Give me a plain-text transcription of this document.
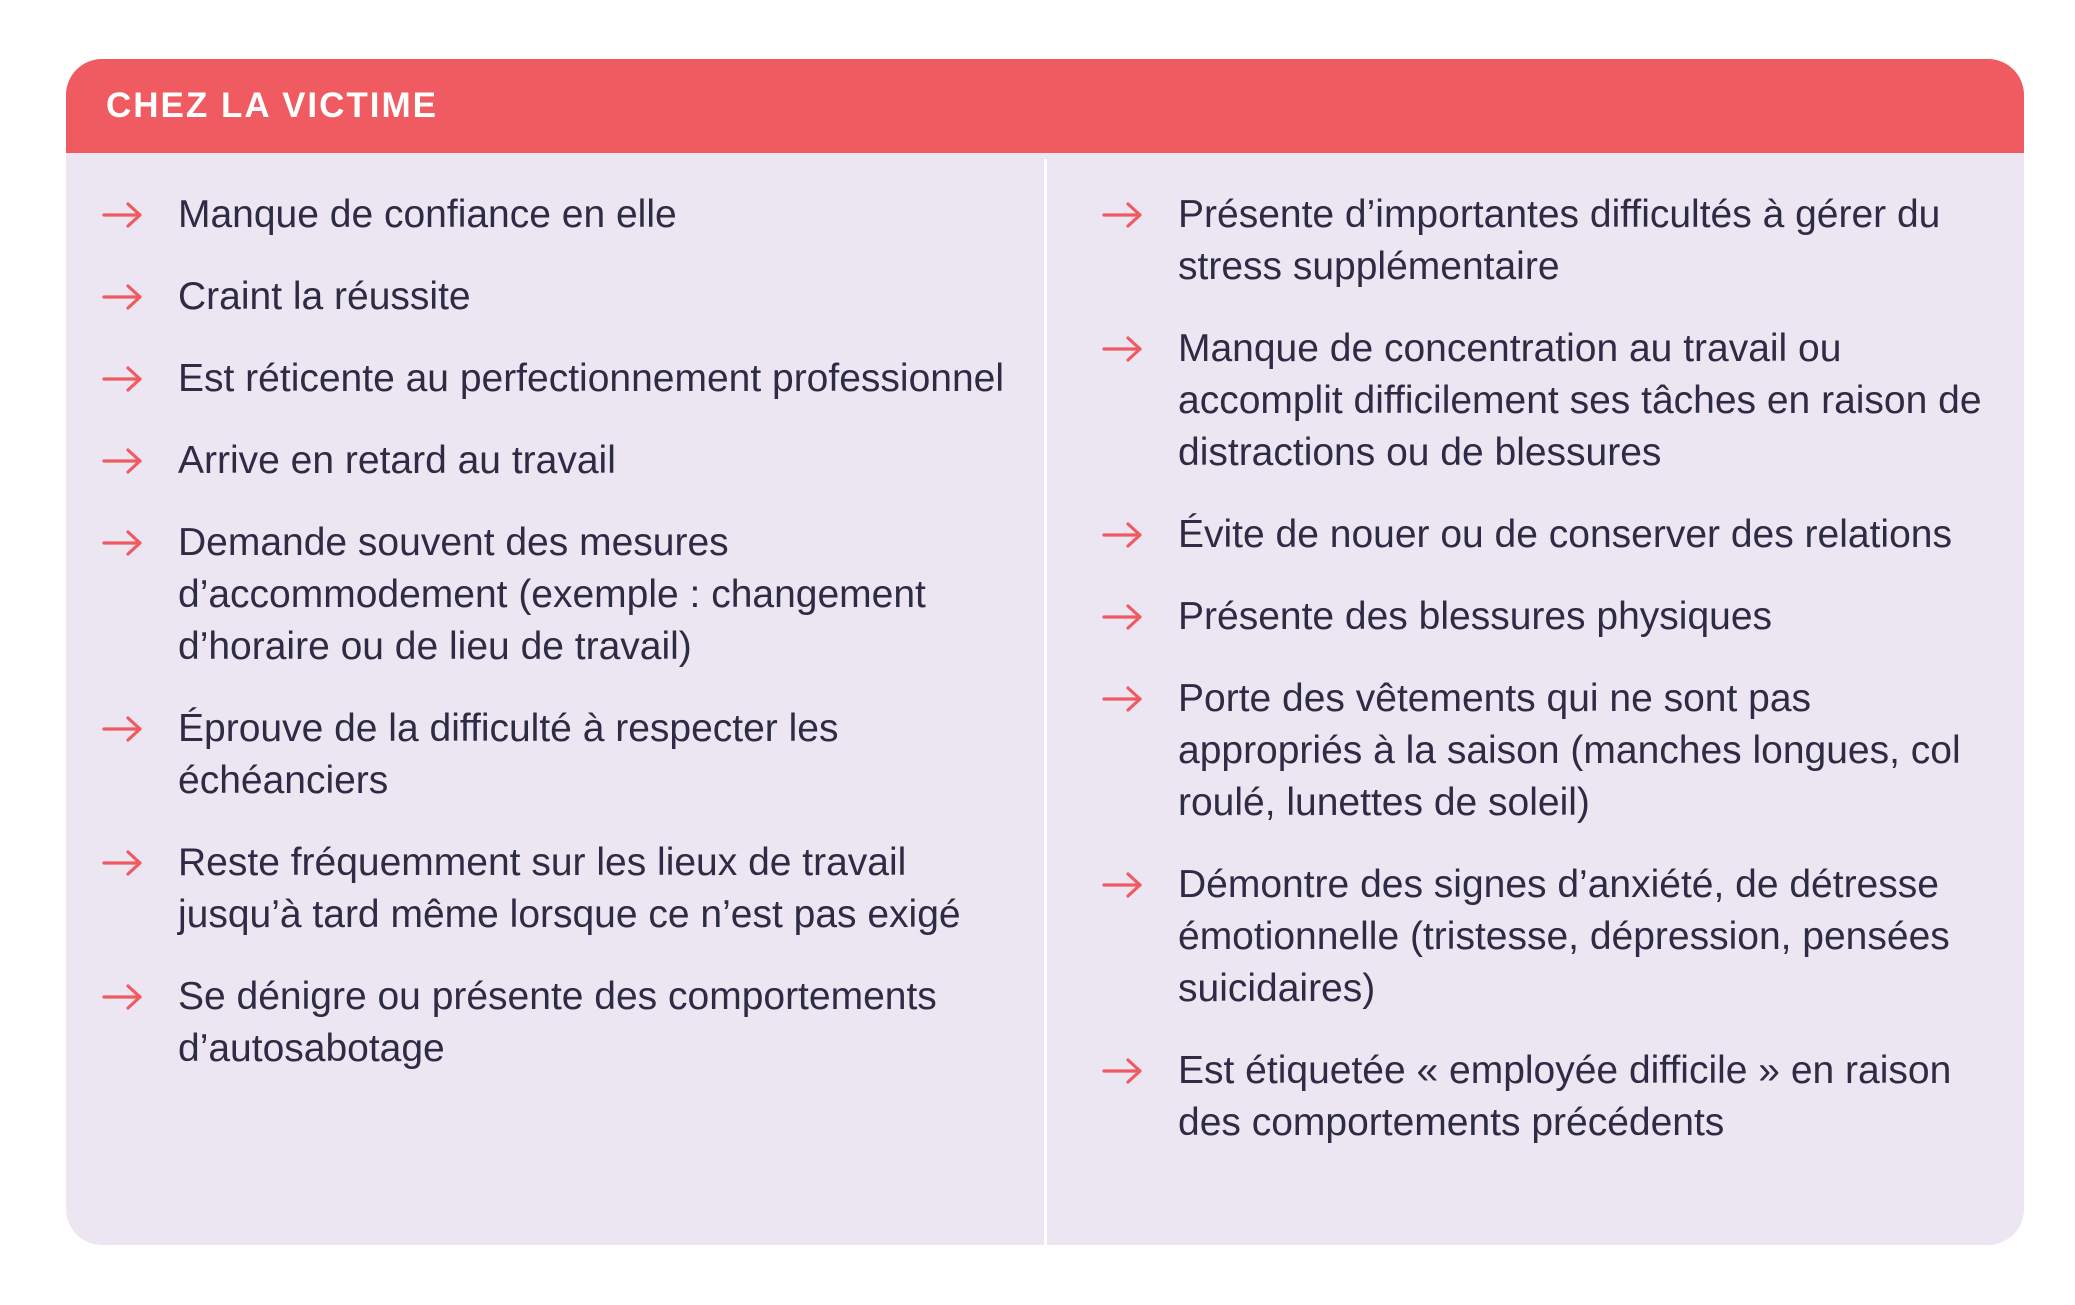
CHEZ LA VICTIME
Manque de confiance en elle
Craint la réussite
Est réticente au perfectionnement professionnel
Arrive en retard au travail
Demande souvent des mesures d’accommodement (exemple : changement d’horaire ou de lieu de travail)
Éprouve de la difficulté à respecter les échéanciers
Reste fréquemment sur les lieux de travail jusqu’à tard même lorsque ce n’est pas exigé
Se dénigre ou présente des comportements d’autosabotage
Présente d’importantes difficultés à gérer du stress supplémentaire
Manque de concentration au travail ou accomplit difficilement ses tâches en raison de distractions ou de blessures
Évite de nouer ou de conserver des relations
Présente des blessures physiques
Porte des vêtements qui ne sont pas appropriés à la saison (manches longues, col roulé, lunettes de soleil)
Démontre des signes d’anxiété, de détresse émotionnelle (tristesse, dépression, pensées suicidaires)
Est étiquetée « employée difficile » en raison des comportements précédents
